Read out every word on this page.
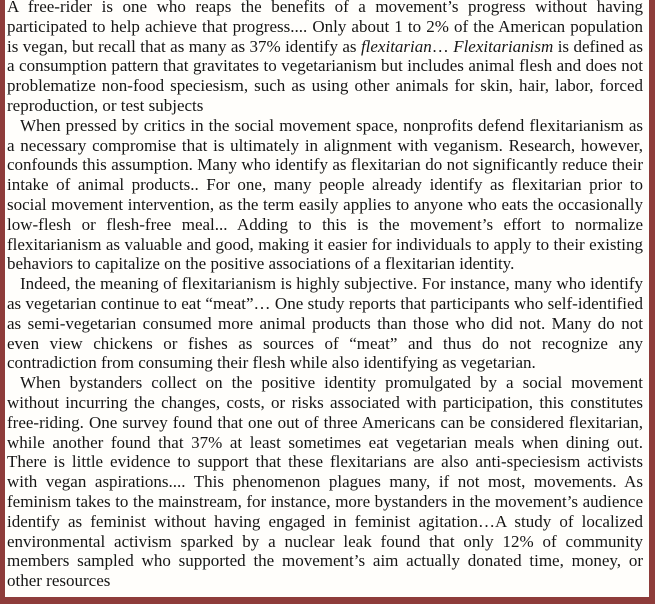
A free-rider is one who reaps the benefits of a movement’s progress without having participated to help achieve that progress.... Only about 1 to 2% of the American population is vegan, but recall that as many as 37% identify as flexitarian… Flexitarianism is defined as a consumption pattern that gravitates to vegetarianism but includes animal flesh and does not problematize non-food speciesism, such as using other animals for skin, hair, labor, forced reproduction, or test subjects

When pressed by critics in the social movement space, nonprofits defend flexitarianism as a necessary compromise that is ultimately in alignment with veganism. Research, however, confounds this assumption. Many who identify as flexitarian do not significantly reduce their intake of animal products.. For one, many people already identify as flexitarian prior to social movement intervention, as the term easily applies to anyone who eats the occasionally low-flesh or flesh-free meal... Adding to this is the movement’s effort to normalize flexitarianism as valuable and good, making it easier for individuals to apply to their existing behaviors to capitalize on the positive associations of a flexitarian identity.

Indeed, the meaning of flexitarianism is highly subjective. For instance, many who identify as vegetarian continue to eat “meat”… One study reports that participants who self-identified as semi-vegetarian consumed more animal products than those who did not. Many do not even view chickens or fishes as sources of “meat” and thus do not recognize any contradiction from consuming their flesh while also identifying as vegetarian.

When bystanders collect on the positive identity promulgated by a social movement without incurring the changes, costs, or risks associated with participation, this constitutes free-riding. One survey found that one out of three Americans can be considered flexitarian, while another found that 37% at least sometimes eat vegetarian meals when dining out. There is little evidence to support that these flexitarians are also anti-speciesism activists with vegan aspirations.... This phenomenon plagues many, if not most, movements. As feminism takes to the mainstream, for instance, more bystanders in the movement’s audience identify as feminist without having engaged in feminist agitation…A study of localized environmental activism sparked by a nuclear leak found that only 12% of community members sampled who supported the movement’s aim actually donated time, money, or other resources
